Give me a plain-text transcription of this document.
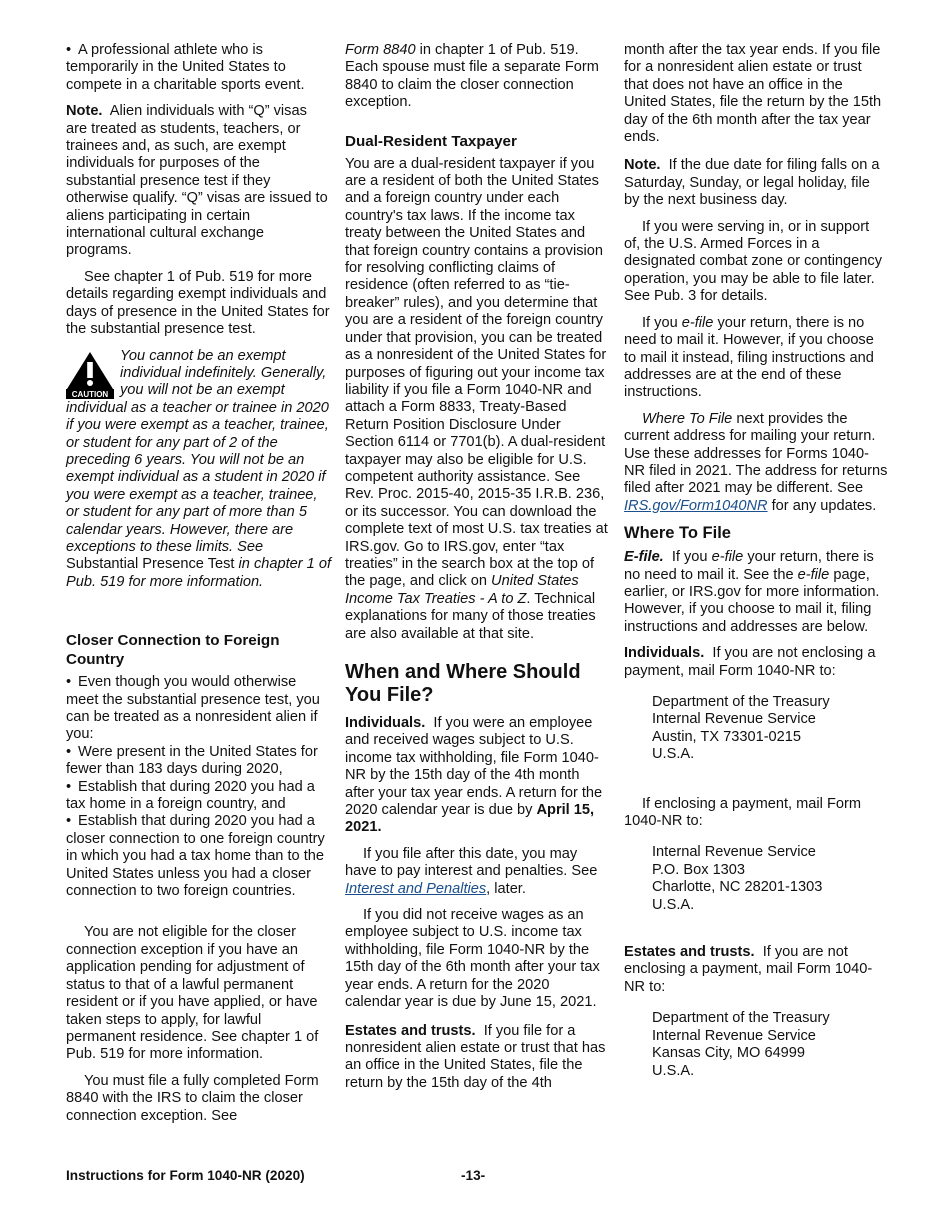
• A professional athlete who is temporarily in the United States to compete in a charitable sports event.

Note. Alien individuals with “Q” visas are treated as students, teachers, or trainees and, as such, are exempt individuals for purposes of the substantial presence test if they otherwise qualify. “Q” visas are issued to aliens participating in certain international cultural exchange programs.

See chapter 1 of Pub. 519 for more details regarding exempt individuals and days of presence in the United States for the substantial presence test.

CAUTION
You cannot be an exempt individual indefinitely. Generally, you will not be an exempt individual as a teacher or trainee in 2020 if you were exempt as a teacher, trainee, or student for any part of 2 of the preceding 6 years. You will not be an exempt individual as a student in 2020 if you were exempt as a teacher, trainee, or student for any part of more than 5 calendar years. However, there are exceptions to these limits. See Substantial Presence Test in chapter 1 of Pub. 519 for more information.
Closer Connection to Foreign Country

• Even though you would otherwise meet the substantial presence test, you can be treated as a nonresident alien if you:

• Were present in the United States for fewer than 183 days during 2020,

• Establish that during 2020 you had a tax home in a foreign country, and

• Establish that during 2020 you had a closer connection to one foreign country in which you had a tax home than to the United States unless you had a closer connection to two foreign countries.

You are not eligible for the closer connection exception if you have an application pending for adjustment of status to that of a lawful permanent resident or if you have applied, or have taken steps to apply, for lawful permanent residence. See chapter 1 of Pub. 519 for more information.

You must file a fully completed Form 8840 with the IRS to claim the closer connection exception. See

Form 8840 in chapter 1 of Pub. 519. Each spouse must file a separate Form 8840 to claim the closer connection exception.

Dual-Resident Taxpayer

You are a dual-resident taxpayer if you are a resident of both the United States and a foreign country under each country's tax laws. If the income tax treaty between the United States and that foreign country contains a provision for resolving conflicting claims of residence (often referred to as “tie-breaker” rules), and you determine that you are a resident of the foreign country under that provision, you can be treated as a nonresident of the United States for purposes of figuring out your income tax liability if you file a Form 1040-NR and attach a Form 8833, Treaty-Based Return Position Disclosure Under Section 6114 or 7701(b). A dual-resident taxpayer may also be eligible for U.S. competent authority assistance. See Rev. Proc. 2015-40, 2015-35 I.R.B. 236, or its successor. You can download the complete text of most U.S. tax treaties at IRS.gov. Go to IRS.gov, enter “tax treaties” in the search box at the top of the page, and click on United States Income Tax Treaties - A to Z. Technical explanations for many of those treaties are also available at that site.

When and Where Should You File?

Individuals. If you were an employee and received wages subject to U.S. income tax withholding, file Form 1040-NR by the 15th day of the 4th month after your tax year ends. A return for the 2020 calendar year is due by April 15, 2021.

If you file after this date, you may have to pay interest and penalties. See Interest and Penalties, later.

If you did not receive wages as an employee subject to U.S. income tax withholding, file Form 1040-NR by the 15th day of the 6th month after your tax year ends. A return for the 2020 calendar year is due by June 15, 2021.

Estates and trusts. If you file for a nonresident alien estate or trust that has an office in the United States, file the return by the 15th day of the 4th

month after the tax year ends. If you file for a nonresident alien estate or trust that does not have an office in the United States, file the return by the 15th day of the 6th month after the tax year ends.

Note. If the due date for filing falls on a Saturday, Sunday, or legal holiday, file by the next business day.

If you were serving in, or in support of, the U.S. Armed Forces in a designated combat zone or contingency operation, you may be able to file later. See Pub. 3 for details.

If you e-file your return, there is no need to mail it. However, if you choose to mail it instead, filing instructions and addresses are at the end of these instructions.

Where To File next provides the current address for mailing your return. Use these addresses for Forms 1040-NR filed in 2021. The address for returns filed after 2021 may be different. See IRS.gov/Form1040NR for any updates.

Where To File

E-file. If you e-file your return, there is no need to mail it. See the e-file page, earlier, or IRS.gov for more information. However, if you choose to mail it, filing instructions and addresses are below.

Individuals. If you are not enclosing a payment, mail Form 1040-NR to:

Department of the Treasury
Internal Revenue Service
Austin, TX 73301-0215
U.S.A.

If enclosing a payment, mail Form 1040-NR to:

Internal Revenue Service
P.O. Box 1303
Charlotte, NC 28201-1303
U.S.A.

Estates and trusts. If you are not enclosing a payment, mail Form 1040-NR to:

Department of the Treasury
Internal Revenue Service
Kansas City, MO 64999
U.S.A.
Instructions for Form 1040-NR (2020)	-13-
